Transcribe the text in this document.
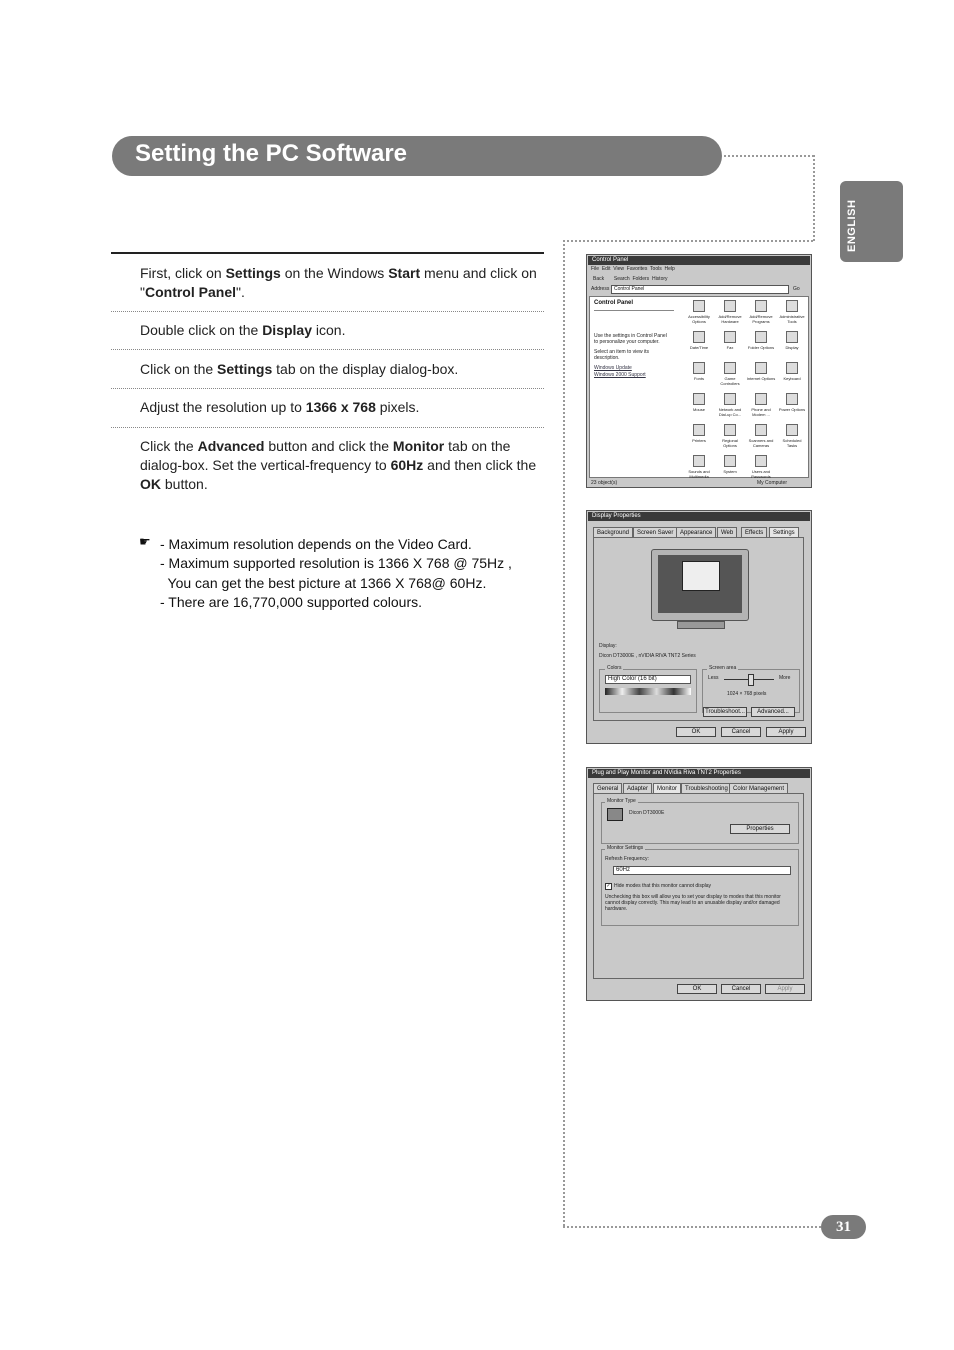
Setting the PC Software
ENGLISH
First, click on Settings on the Windows Start menu and click on "Control Panel".
Double click on the Display icon.
Click on the Settings tab on the display dialog-box.
Adjust the resolution up to 1366 x 768 pixels.
Click the Advanced button and click the Monitor tab on the dialog-box. Set the vertical-frequency to 60Hz and then click the OK button.
☛ - Maximum resolution depends on the Video Card.
- Maximum supported resolution is 1366 X 768 @ 75Hz ,
You can get the best picture at 1366 X 768@ 60Hz.
- There are 16,770,000 supported colours.
Control Panel
File Edit View Favorites Tools Help
Back Search Folders History
Address Control Panel	Go
Control Panel
Use the settings in Control Panel to personalize your computer.
Select an item to view its description.
Windows Update
Windows 2000 Support
Accessibility Options
Add/Remove Hardware
Add/Remove Programs
Administrative Tools
Date/Time	Fax	Folder Options	Display
Fonts	Game Controllers
Internet Options	Keyboard
Mouse	Network and Dial-up Co...
Phone and Modem ...
Power Options
Printers	Regional Options
Scanners and Cameras
Scheduled Tasks
Sounds and Multimedia
System	Users and Passwords
23 object(s)	My Computer
Display Properties
Background	Screen Saver	Appearance	Web	Effects	Settings
Display:
Dicon DT3000E , nVIDIA RIVA TNT2 Series
Colors
High Color (16 bit)
Screen area
Less	More
1024 × 768 pixels
Troubleshoot...	Advanced...
OK	Cancel	Apply
Plug and Play Monitor and NVidia Riva TNT2 Properties
General	Adapter	Monitor	Troubleshooting Color Management
Monitor Type
Dicon DT3000E
Properties
Monitor Settings
Refresh Frequency:
60Hz
✓ Hide modes that this monitor cannot display
Unchecking this box will allow you to set your display to modes that this monitor cannot display correctly. This may lead to an unusable display and/or damaged hardware.
OK	Cancel	Apply
31
